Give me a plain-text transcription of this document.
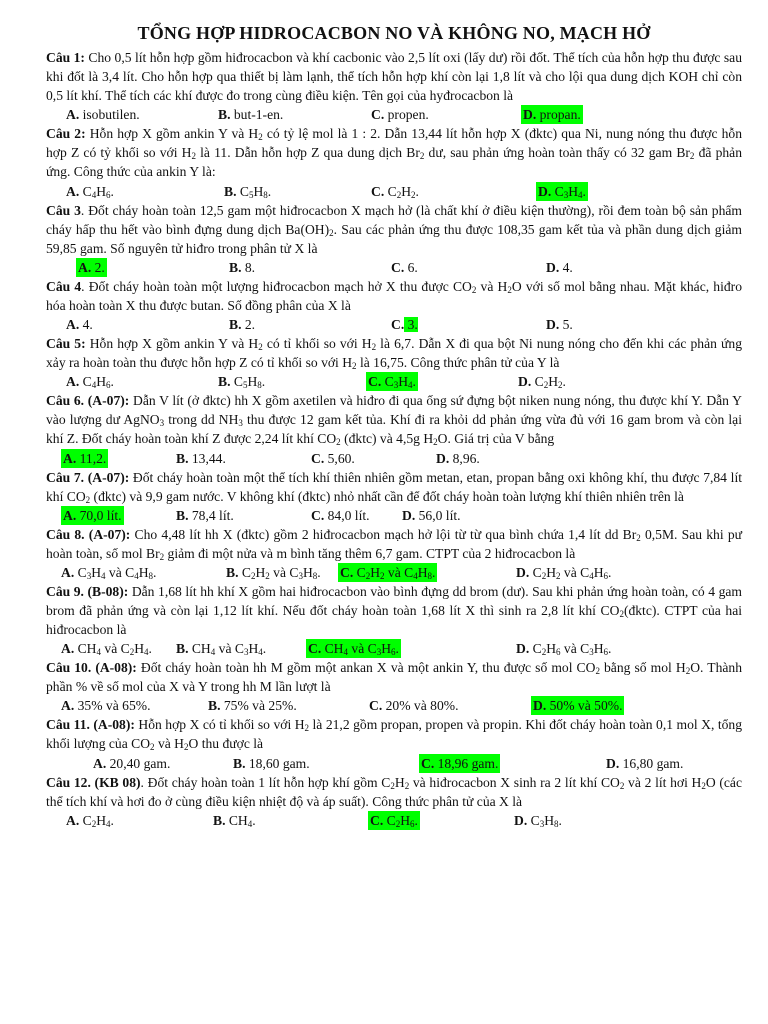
TỔNG HỢP HIDROCACBON NO VÀ KHÔNG NO, MẠCH HỞ

Câu 1: Cho 0,5 lít hỗn hợp gồm hiđrocacbon và khí cacbonic vào 2,5 lít oxi (lấy dư) rồi đốt. Thể tích của hỗn hợp thu được sau khi đốt là 3,4 lít. Cho hỗn hợp qua thiết bị làm lạnh, thể tích hỗn hợp khí còn lại 1,8 lít và cho lội qua dung dịch KOH chỉ còn 0,5 lít khí. Thể tích các khí được đo trong cùng điều kiện. Tên gọi của hyđrocacbon là

A. isobutilen.	B. but-1-en.	C. propen.	D. propan.

Câu 2: Hỗn hợp X gồm ankin Y và $H_2$ có tỷ lệ mol là 1 : 2. Dẫn 13,44 lít hỗn hợp X (đktc) qua Ni, nung nóng thu được hỗn hợp Z có tỷ khối so với $H_2$ là 11. Dẫn hỗn hợp Z qua dung dịch $Br_2$ dư, sau phản ứng hoàn toàn thấy có 32 gam $Br_2$ đã phản ứng. Công thức của ankin Y là:

A. $C_4H_6$.	B. $C_5H_8$.	C. $C_2H_2$.	D. $C_3H_4$.

Câu 3. Đốt cháy hoàn toàn 12,5 gam một hiđrocacbon X mạch hở (là chất khí ở điều kiện thường), rồi đem toàn bộ sản phẩm cháy hấp thu hết vào bình đựng dung dịch $Ba(OH)_2$. Sau các phản ứng thu được 108,35 gam kết tủa và phần dung dịch giảm 59,85 gam. Số nguyên tử hiđro trong phân tử X là

A. 2.	B. 8.	C. 6.	D. 4.

Câu 4. Đốt cháy hoàn toàn một lượng hiđrocacbon mạch hở X thu được $CO_2$ và $H_2O$ với số mol bằng nhau. Mặt khác, hiđro hóa hoàn toàn X thu được butan. Số đồng phân của X là

A. 4.	B. 2.	C. 3.	D. 5.

Câu 5: Hỗn hợp X gồm ankin Y và $H_2$ có tỉ khối so với $H_2$ là 6,7. Dẫn X đi qua bột Ni nung nóng cho đến khi các phản ứng xảy ra hoàn toàn thu được hỗn hợp Z có tỉ khối so với $H_2$ là 16,75. Công thức phân tử của Y là

A. $C_4H_6$.	B. $C_5H_8$.	C. $C_3H_4$.	D. $C_2H_2$.

Câu 6. (A-07): Dẫn V lít (ở đktc) hh X gồm axetilen và hiđro đi qua ống sứ đựng bột niken nung nóng, thu được khí Y. Dẫn Y vào lượng dư AgNO$_3$ trong dd $NH_3$ thu được 12 gam kết tủa. Khí đi ra khỏi dd phản ứng vừa đủ với 16 gam brom và còn lại khí Z. Đốt cháy hoàn toàn khí Z được 2,24 lít khí $CO_2$ (đktc) và 4,5g $H_2O$. Giá trị của V bằng

A. 11,2.	B. 13,44.	C. 5,60.	D. 8,96.

Câu 7. (A-07): Đốt cháy hoàn toàn một thể tích khí thiên nhiên gồm metan, etan, propan bằng oxi không khí, thu được 7,84 lít khí $CO_2$ (đktc) và 9,9 gam nước. V không khí (đktc) nhỏ nhất cần để đốt cháy hoàn toàn lượng khí thiên nhiên trên là

A. 70,0 lít.	B. 78,4 lít.	C. 84,0 lít. D. 56,0 lít.

Câu 8. (A-07): Cho 4,48 lít hh X (đktc) gồm 2 hiđrocacbon mạch hở lội từ từ qua bình chứa 1,4 lít dd $Br_2$ 0,5M. Sau khi pư hoàn toàn, số mol $Br_2$ giảm đi một nửa và m bình tăng thêm 6,7 gam. CTPT của 2 hiđrocacbon là

A. $C_3H_4$ và $C_4H_8$.	B. $C_2H_2$ và $C_3H_8$. C. $C_2H_2$ và $C_4H_8$.	D. $C_2H_2$ và $C_4H_6$.

Câu 9. (B-08): Dẫn 1,68 lít hh khí X gồm hai hiđrocacbon vào bình đựng dd brom (dư). Sau khi phản ứng hoàn toàn, có 4 gam brom đã phản ứng và còn lại 1,12 lít khí. Nếu đốt cháy hoàn toàn 1,68 lít X thì sinh ra 2,8 lít khí $CO_2(đktc)$. CTPT của hai hiđrocacbon là

A. $CH_4$ và $C_2H_4$. B. $CH_4$ và $C_3H_4$.	C. $CH_4$ và $C_3H_6$.	D. $C_2H_6$ và $C_3H_6$.

Câu 10. (A-08): Đốt cháy hoàn toàn hh M gồm một ankan X và một ankin Y, thu được số mol $CO_2$ bằng số mol $H_2O$. Thành phần % về số mol của X và Y trong hh M lần lượt là

A. 35% và 65%.	B. 75% và 25%.	C. 20% và 80%.	D. 50% và 50%.

Câu 11. (A-08): Hỗn hợp X có tỉ khối so với $H_2$ là 21,2 gồm propan, propen và propin. Khi đốt cháy hoàn toàn 0,1 mol X, tổng khối lượng của $CO_2$ và $H_2O$ thu được là

A. 20,40 gam.	B. 18,60 gam.	C. 18,96 gam.	D. 16,80 gam.

Câu 12. (KB 08). Đốt cháy hoàn toàn 1 lít hỗn hợp khí gồm $C_2H_2$ và hiđrocacbon X sinh ra 2 lít khí $CO_2$ và 2 lít hơi $H_2O$ (các thể tích khí và hơi đo ở cùng điều kiện nhiệt độ và áp suất). Công thức phân tử của X là

A. $C_2H_4$.	B. $CH_4$.	C. $C_2H_6$.	D. $C_3H_8$.
